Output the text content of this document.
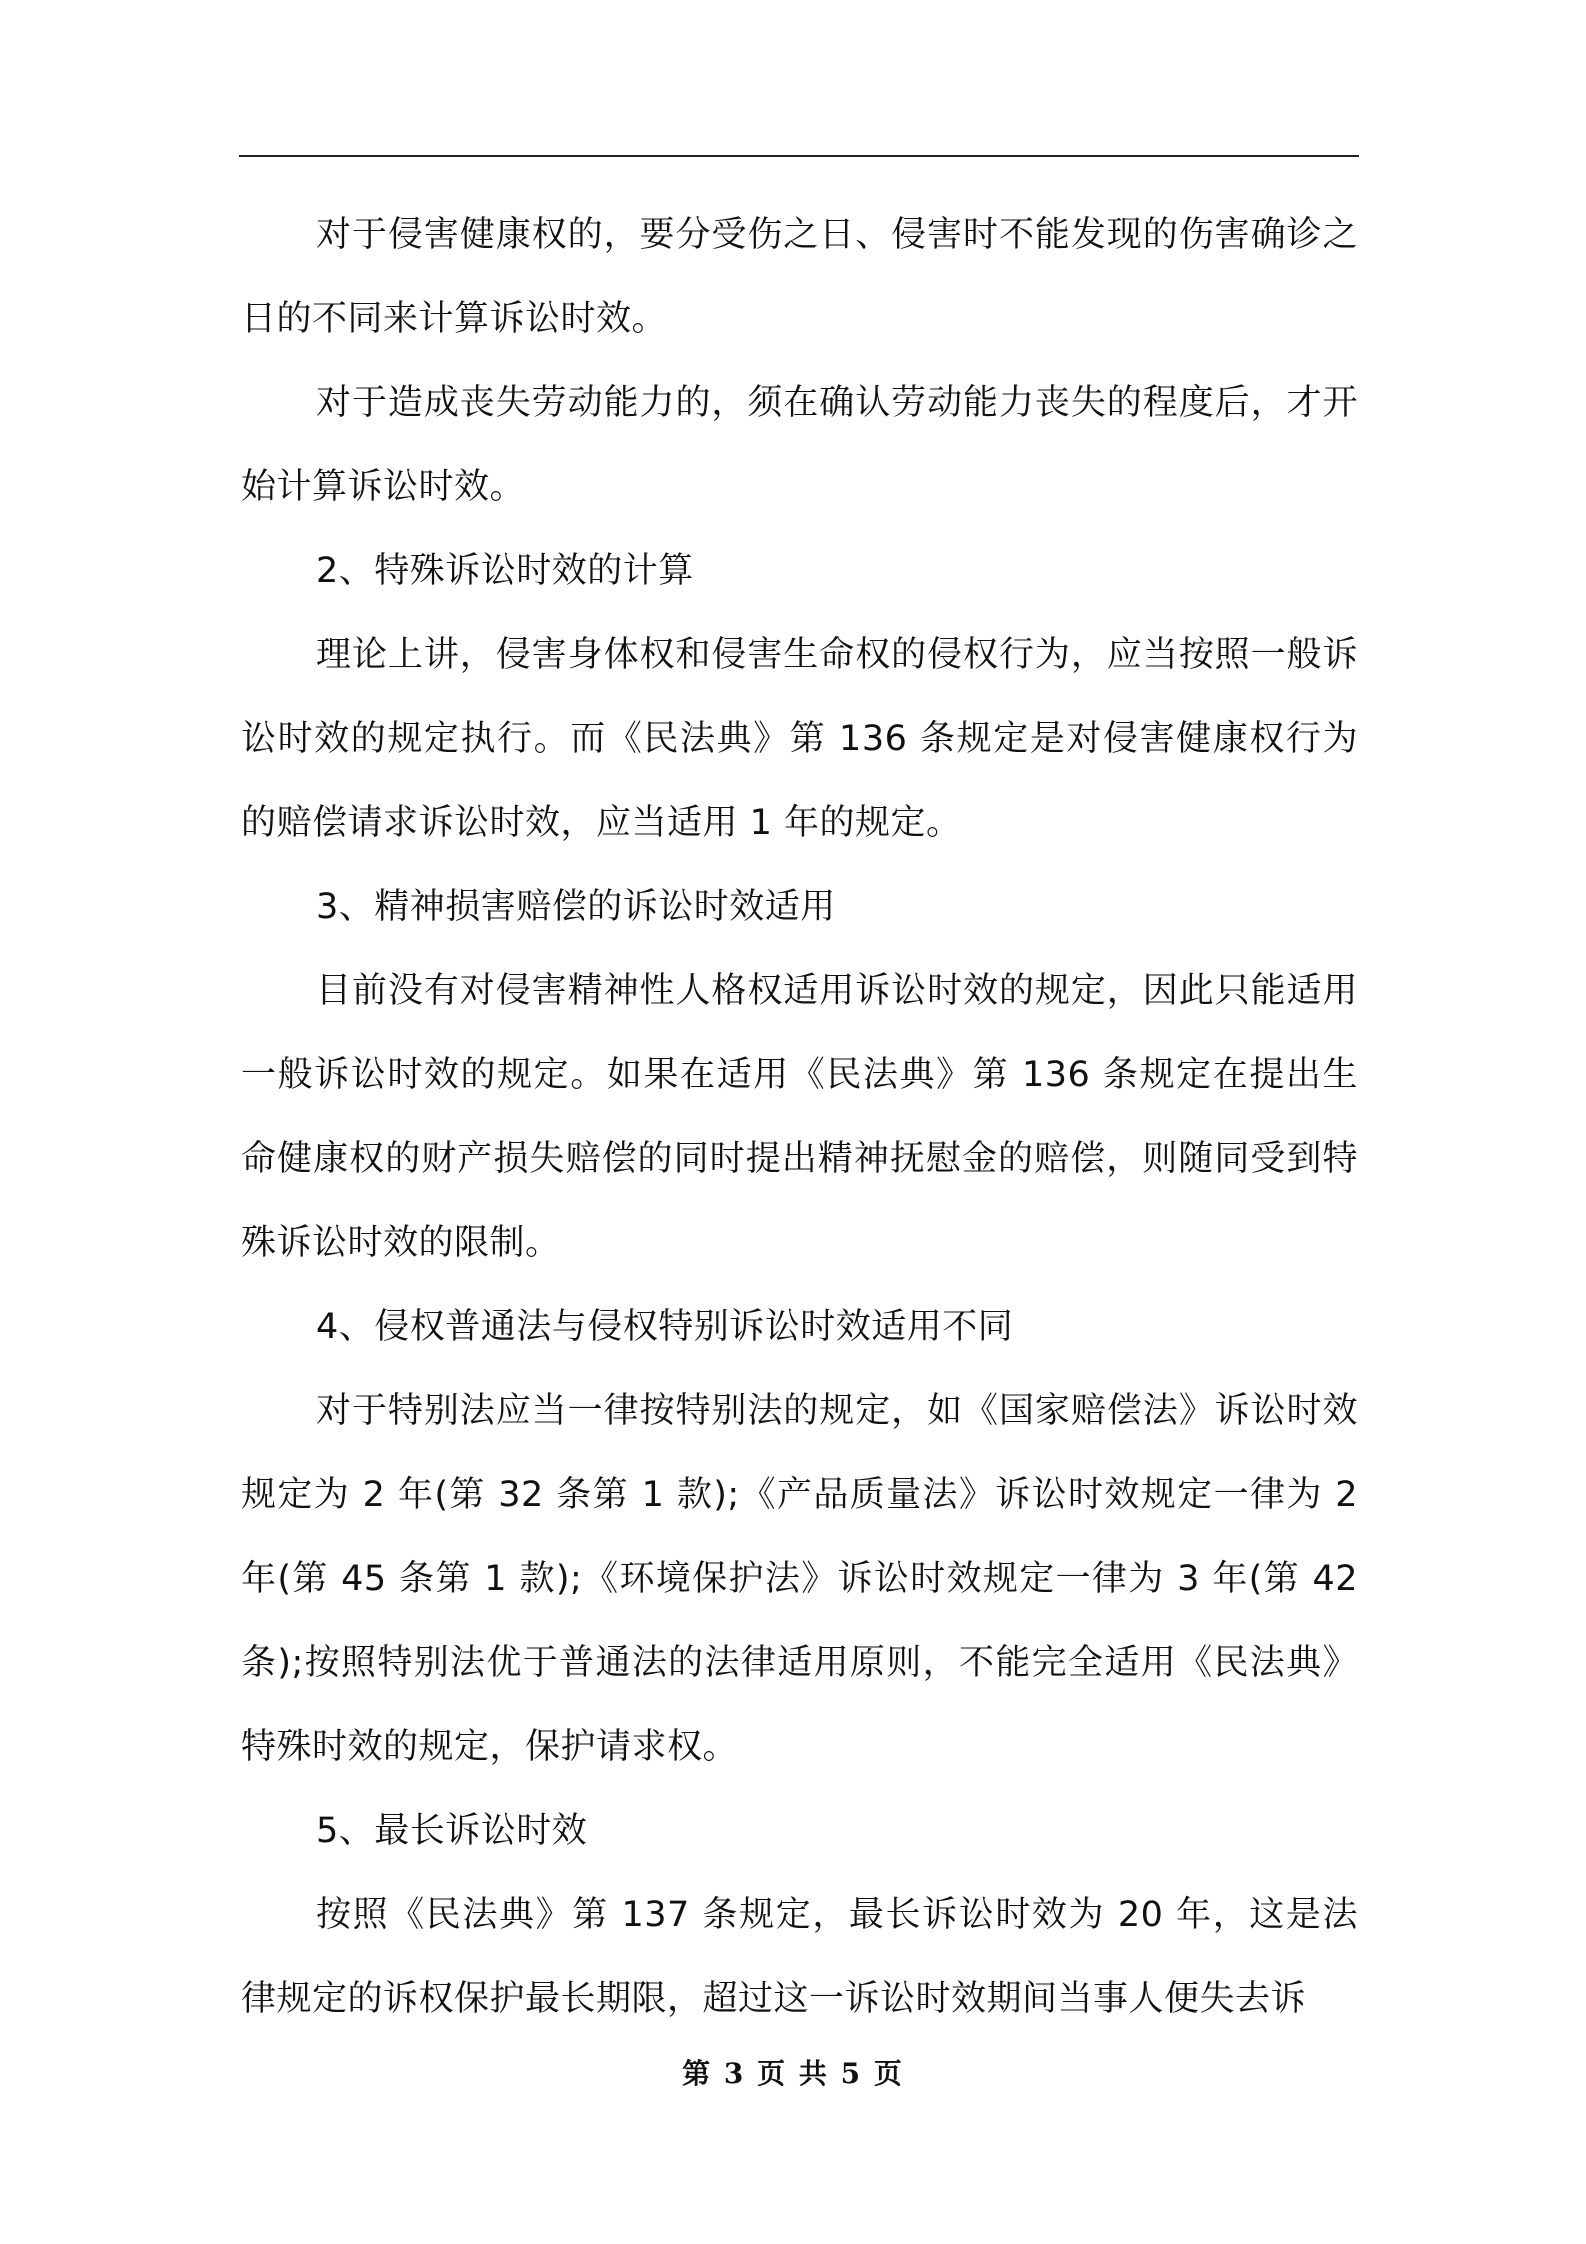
对于侵害健康权的，要分受伤之日、侵害时不能发现的伤害确诊之日的不同来计算诉讼时效。

对于造成丧失劳动能力的，须在确认劳动能力丧失的程度后，才开始计算诉讼时效。

2、特殊诉讼时效的计算

理论上讲，侵害身体权和侵害生命权的侵权行为，应当按照一般诉讼时效的规定执行。而《民法典》第 136 条规定是对侵害健康权行为的赔偿请求诉讼时效，应当适用 1 年的规定。

3、精神损害赔偿的诉讼时效适用

目前没有对侵害精神性人格权适用诉讼时效的规定，因此只能适用一般诉讼时效的规定。如果在适用《民法典》第 136 条规定在提出生命健康权的财产损失赔偿的同时提出精神抚慰金的赔偿，则随同受到特殊诉讼时效的限制。

4、侵权普通法与侵权特别诉讼时效适用不同

对于特别法应当一律按特别法的规定，如《国家赔偿法》诉讼时效规定为 2 年(第 32 条第 1 款);《产品质量法》诉讼时效规定一律为 2 年(第 45 条第 1 款);《环境保护法》诉讼时效规定一律为 3 年(第 42 条);按照特别法优于普通法的法律适用原则，不能完全适用《民法典》特殊时效的规定，保护请求权。

5、最长诉讼时效

按照《民法典》第 137 条规定，最长诉讼时效为 20 年，这是法律规定的诉权保护最长期限，超过这一诉讼时效期间当事人便失去诉

第 3 页 共 5 页
